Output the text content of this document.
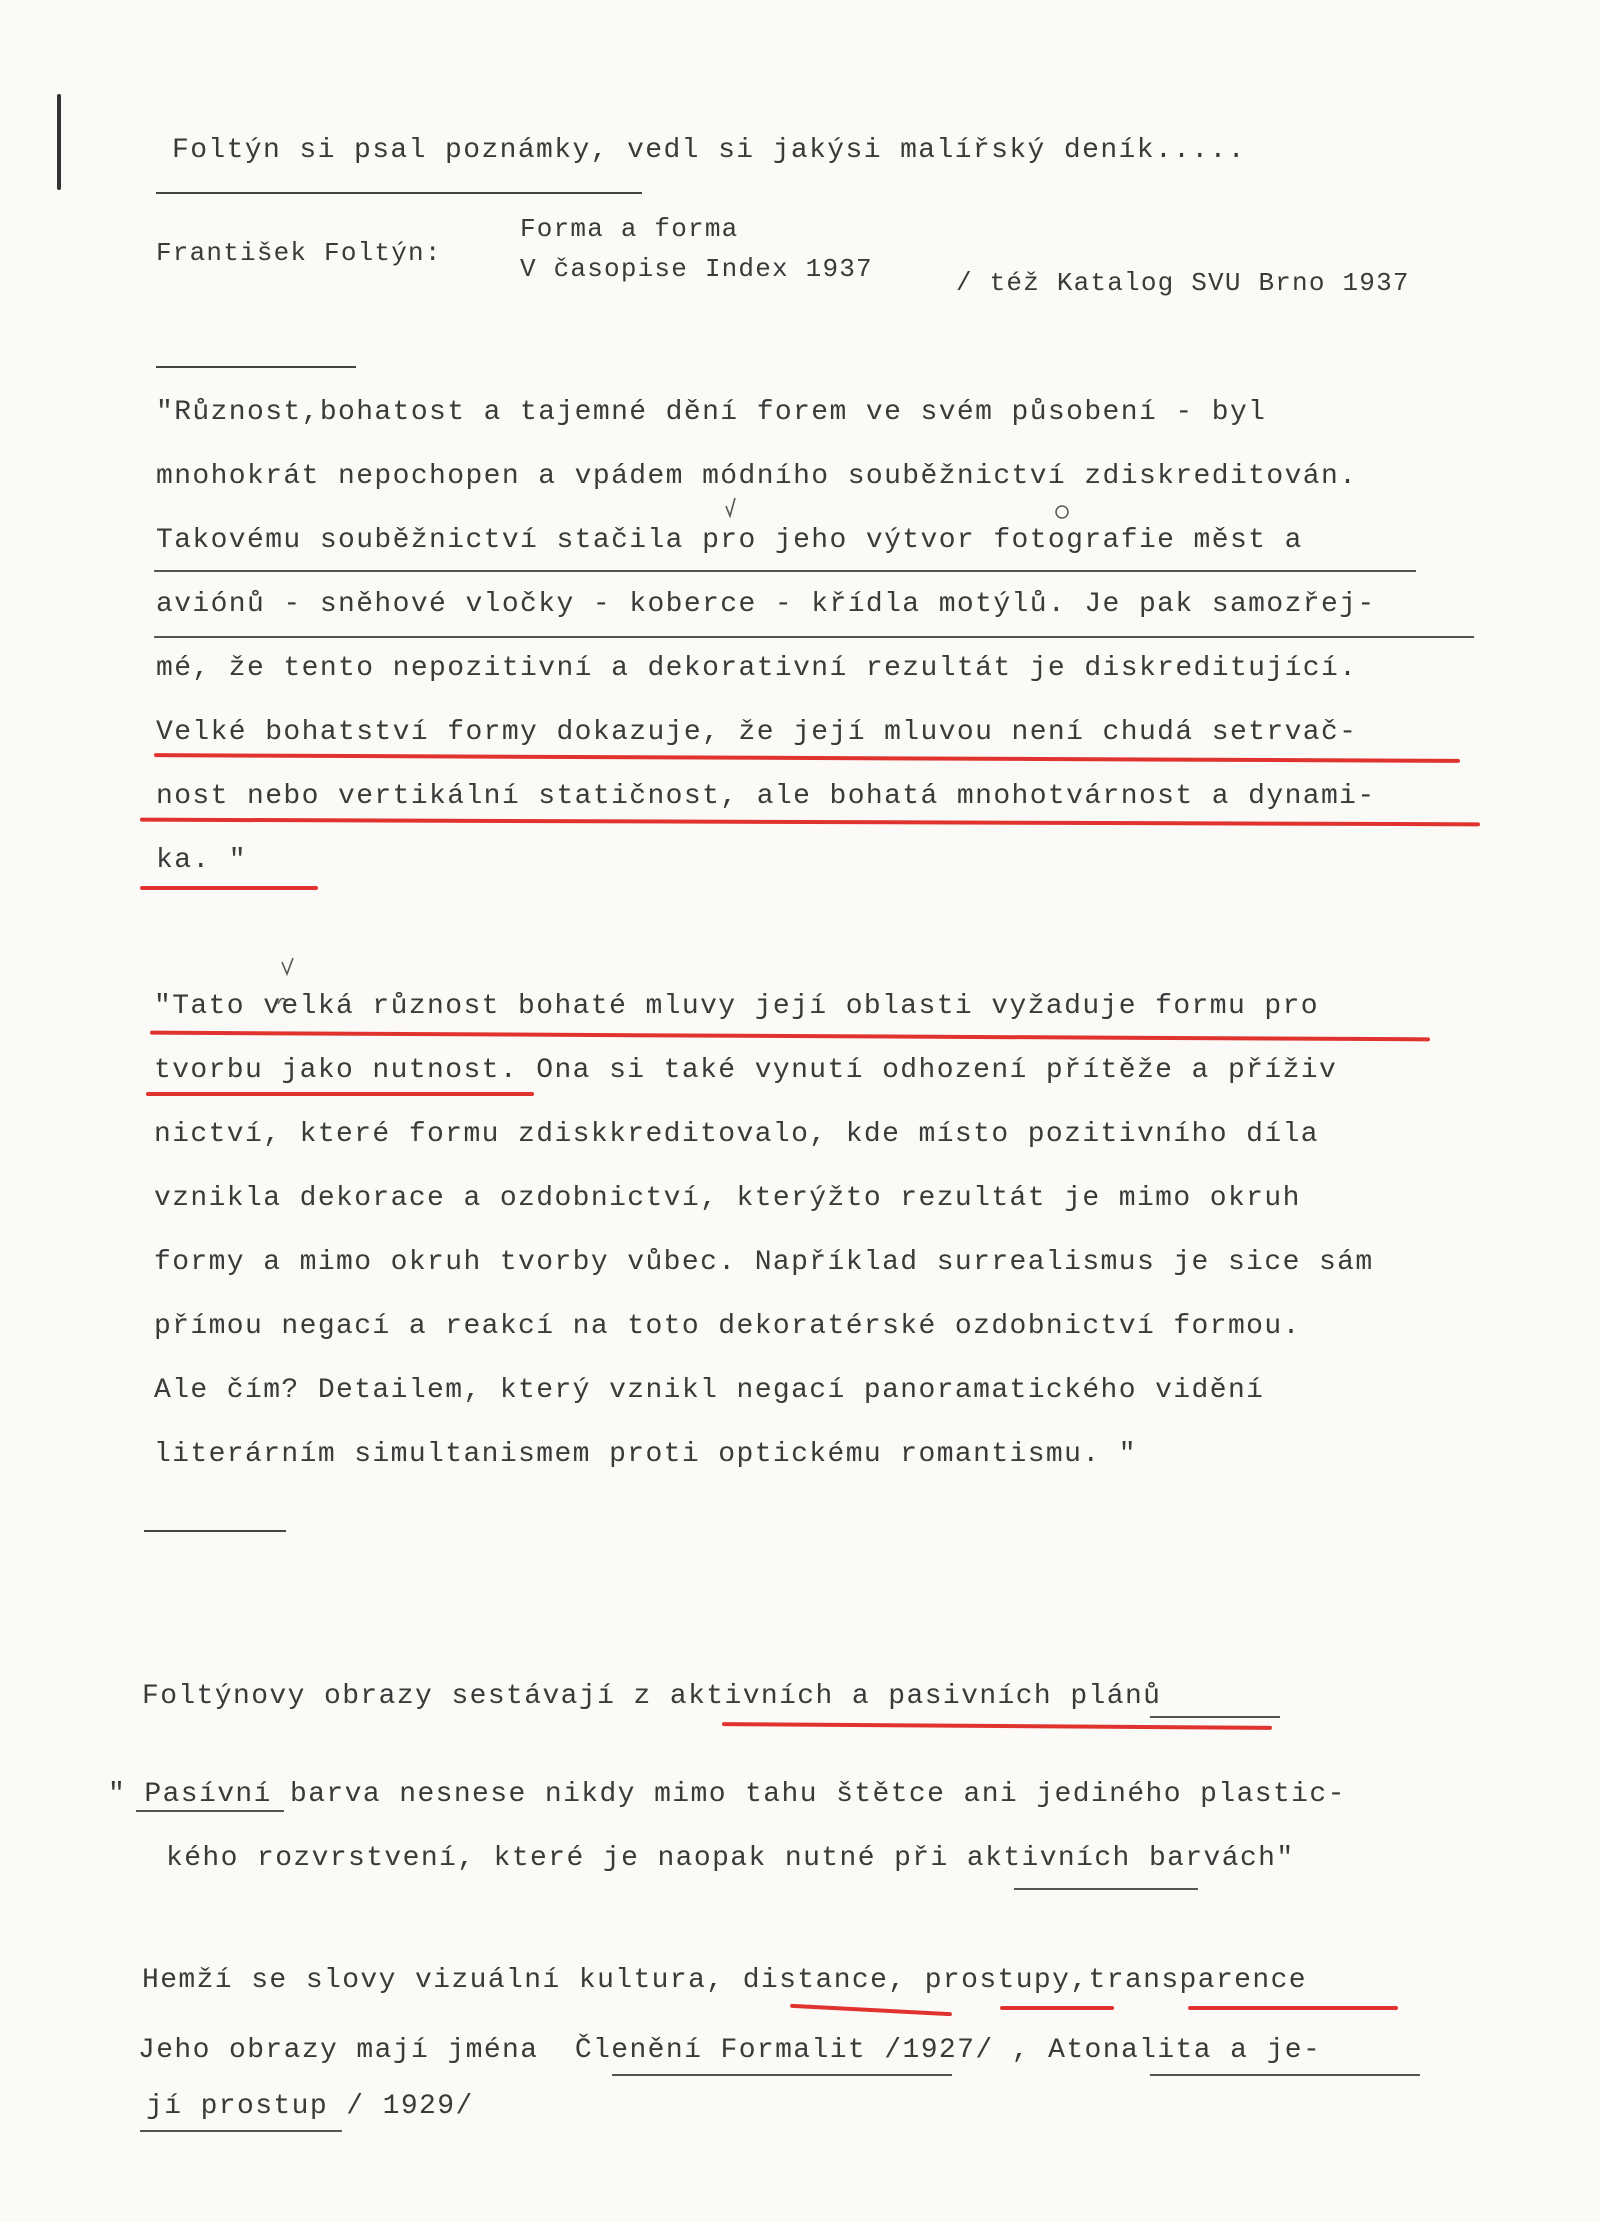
Foltýn si psal poznámky, vedl si jakýsi malířský deník.....
Forma a forma
František Foltýn:
V časopise Index 1937	/ též Katalog SVU Brno 1937
"Různost,bohatost a tajemné dění forem ve svém působení - byl
mnohokrát nepochopen a vpádem módního souběžnictví zdiskreditován.
Takovému souběžnictví stačila pro jeho výtvor fotografie měst a
aviónů - sněhové vločky - koberce - křídla motýlů. Je pak samozřej-
mé, že tento nepozitivní a dekorativní rezultát je diskreditující.
Velké bohatství formy dokazuje, že její mluvou není chudá setrvač-
nost nebo vertikální statičnost, ale bohatá mnohotvárnost a dynami-
ka. "
"Tato velká různost bohaté mluvy její oblasti vyžaduje formu pro
tvorbu jako nutnost. Ona si také vynutí odhození přítěže a příživ
nictví, které formu zdiskkreditovalo, kde místo pozitivního díla
vznikla dekorace a ozdobnictví, kterýžto rezultát je mimo okruh
formy a mimo okruh tvorby vůbec. Například surrealismus je sice sám
přímou negací a reakcí na toto dekoratérské ozdobnictví formou.
Ale čím? Detailem, který vznikl negací panoramatického vidění
literárním simultanismem proti optickému romantismu. "
Foltýnovy obrazy sestávají z aktivních a pasivních plánů
" Pasívní barva nesnese nikdy mimo tahu štětce ani jediného plastic-
kého rozvrstvení, které je naopak nutné při aktivních barvách"
Hemží se slovy vizuální kultura, distance, prostupy,transparence
Jeho obrazy mají jména  Členění Formalit /1927/ , Atonalita a je-
jí prostup / 1929/
